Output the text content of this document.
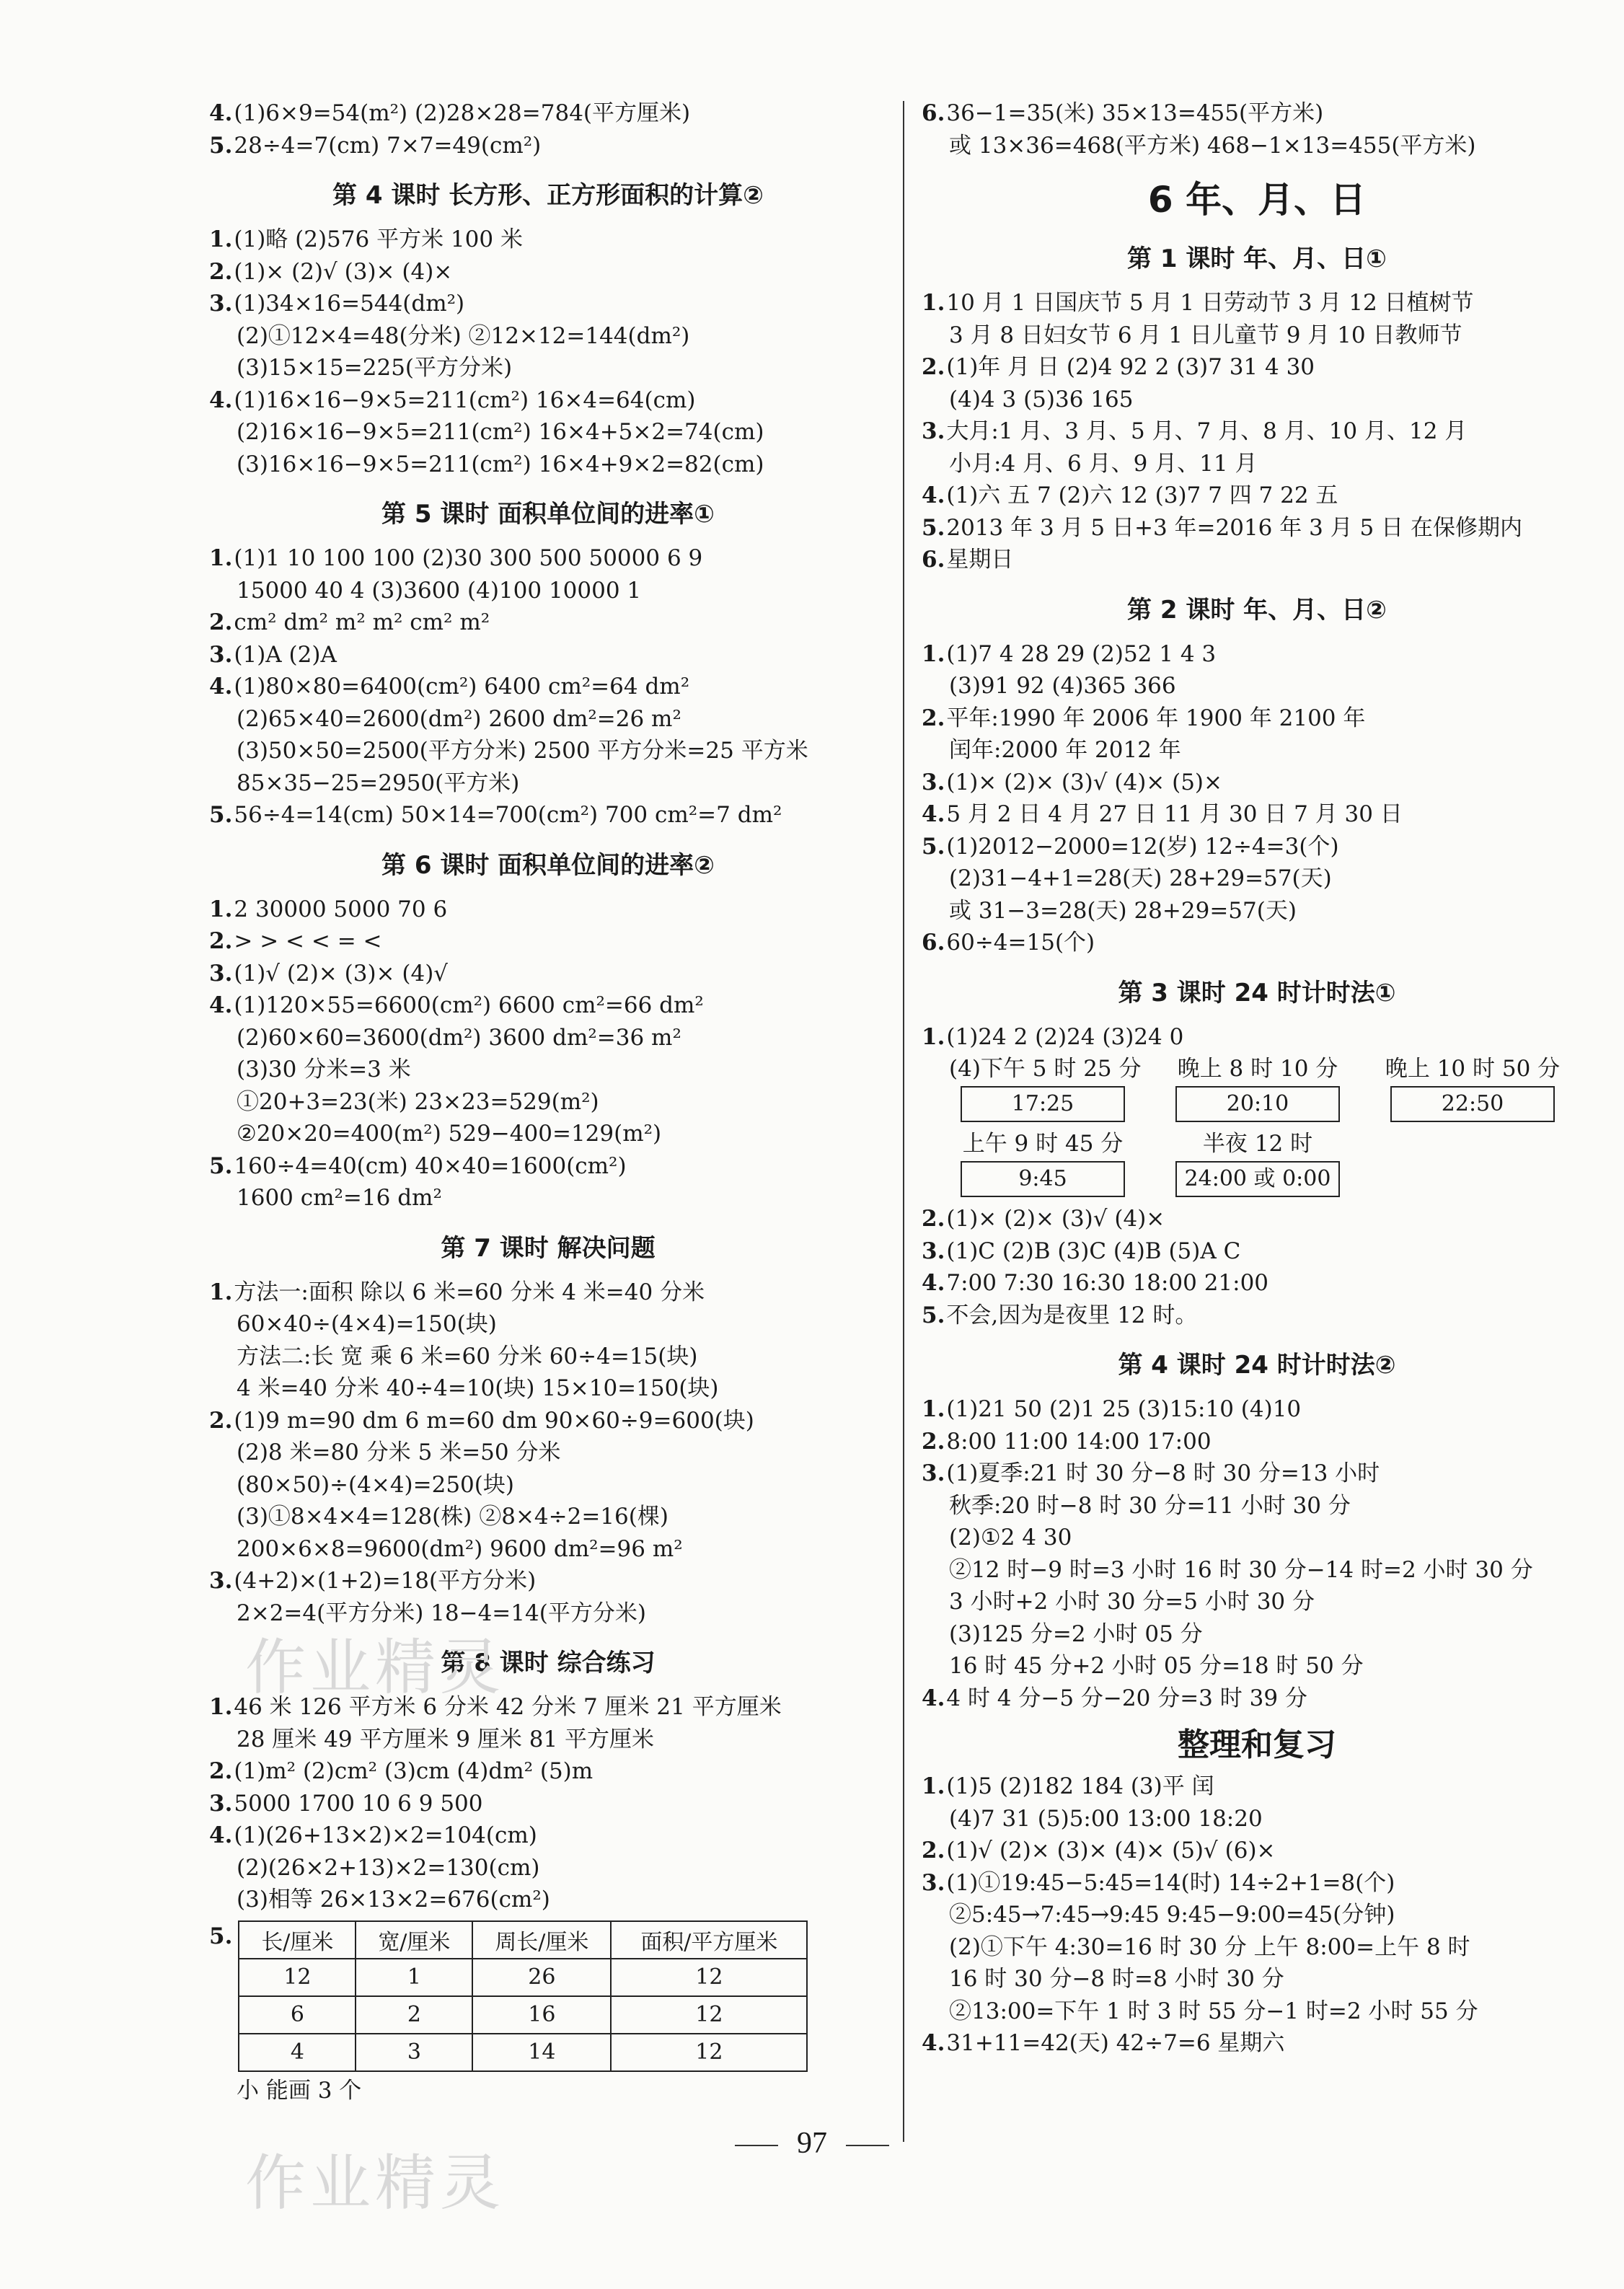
4.(1)6×9=54(m²) (2)28×28=784(平方厘米)
5.28÷4=7(cm) 7×7=49(cm²)
第 4 课时 长方形、正方形面积的计算②
1.(1)略 (2)576 平方米 100 米
2.(1)× (2)√ (3)× (4)×
3.(1)34×16=544(dm²)
(2)①12×4=48(分米) ②12×12=144(dm²)
(3)15×15=225(平方分米)
4.(1)16×16−9×5=211(cm²) 16×4=64(cm)
(2)16×16−9×5=211(cm²) 16×4+5×2=74(cm)
(3)16×16−9×5=211(cm²) 16×4+9×2=82(cm)
第 5 课时 面积单位间的进率①
1.(1)1 10 100 100 (2)30 300 500 50000 6 9
15000 40 4 (3)3600 (4)100 10000 1
2.cm² dm² m² m² cm² m²
3.(1)A (2)A
4.(1)80×80=6400(cm²) 6400 cm²=64 dm²
(2)65×40=2600(dm²) 2600 dm²=26 m²
(3)50×50=2500(平方分米) 2500 平方分米=25 平方米
85×35−25=2950(平方米)
5.56÷4=14(cm) 50×14=700(cm²) 700 cm²=7 dm²
第 6 课时 面积单位间的进率②
1.2 30000 5000 70 6
2.> > < < = <
3.(1)√ (2)× (3)× (4)√
4.(1)120×55=6600(cm²) 6600 cm²=66 dm²
(2)60×60=3600(dm²) 3600 dm²=36 m²
(3)30 分米=3 米
①20+3=23(米) 23×23=529(m²)
②20×20=400(m²) 529−400=129(m²)
5.160÷4=40(cm) 40×40=1600(cm²)
1600 cm²=16 dm²
第 7 课时 解决问题
1.方法一:面积 除以 6 米=60 分米 4 米=40 分米
60×40÷(4×4)=150(块)
方法二:长 宽 乘 6 米=60 分米 60÷4=15(块)
4 米=40 分米 40÷4=10(块) 15×10=150(块)
2.(1)9 m=90 dm 6 m=60 dm 90×60÷9=600(块)
(2)8 米=80 分米 5 米=50 分米
(80×50)÷(4×4)=250(块)
(3)①8×4×4=128(株) ②8×4÷2=16(棵)
200×6×8=9600(dm²) 9600 dm²=96 m²
3.(4+2)×(1+2)=18(平方分米)
2×2=4(平方分米) 18−4=14(平方分米)
第 8 课时 综合练习
1.46 米 126 平方米 6 分米 42 分米 7 厘米 21 平方厘米
28 厘米 49 平方厘米 9 厘米 81 平方厘米
2.(1)m² (2)cm² (3)cm (4)dm² (5)m
3.5000 1700 10 6 9 500
4.(1)(26+13×2)×2=104(cm)
(2)(26×2+13)×2=130(cm)
(3)相等 26×13×2=676(cm²)
5. 长/厘米	宽/厘米	周长/厘米	面积/平方厘米
12	1	26	12
6	2	16	12
4	3	14	12
小 能画 3 个
6.36−1=35(米) 35×13=455(平方米)
或 13×36=468(平方米) 468−1×13=455(平方米)
6 年、月、日
第 1 课时 年、月、日①
1.10 月 1 日国庆节 5 月 1 日劳动节 3 月 12 日植树节
3 月 8 日妇女节 6 月 1 日儿童节 9 月 10 日教师节
2.(1)年 月 日 (2)4 92 2 (3)7 31 4 30
(4)4 3 (5)36 165
3.大月:1 月、3 月、5 月、7 月、8 月、10 月、12 月
小月:4 月、6 月、9 月、11 月
4.(1)六 五 7 (2)六 12 (3)7 7 四 7 22 五
5.2013 年 3 月 5 日+3 年=2016 年 3 月 5 日 在保修期内
6.星期日
第 2 课时 年、月、日②
1.(1)7 4 28 29 (2)52 1 4 3
(3)91 92 (4)365 366
2.平年:1990 年 2006 年 1900 年 2100 年
闰年:2000 年 2012 年
3.(1)× (2)× (3)√ (4)× (5)×
4.5 月 2 日 4 月 27 日 11 月 30 日 7 月 30 日
5.(1)2012−2000=12(岁) 12÷4=3(个)
(2)31−4+1=28(天) 28+29=57(天)
或 31−3=28(天) 28+29=57(天)
6.60÷4=15(个)
第 3 课时 24 时计时法①
1.(1)24 2 (2)24 (3)24 0
(4)下午 5 时 25 分	晚上 8 时 10 分	晚上 10 时 50 分
17:25	20:10	22:50
上午 9 时 45 分	半夜 12 时
9:45	24:00 或 0:00
2.(1)× (2)× (3)√ (4)×
3.(1)C (2)B (3)C (4)B (5)A C
4.7:00 7:30 16:30 18:00 21:00
5.不会,因为是夜里 12 时。
第 4 课时 24 时计时法②
1.(1)21 50 (2)1 25 (3)15:10 (4)10
2.8:00 11:00 14:00 17:00
3.(1)夏季:21 时 30 分−8 时 30 分=13 小时
秋季:20 时−8 时 30 分=11 小时 30 分
(2)①2 4 30
②12 时−9 时=3 小时 16 时 30 分−14 时=2 小时 30 分
3 小时+2 小时 30 分=5 小时 30 分
(3)125 分=2 小时 05 分
16 时 45 分+2 小时 05 分=18 时 50 分
4.4 时 4 分−5 分−20 分=3 时 39 分
整理和复习
1.(1)5 (2)182 184 (3)平 闰
(4)7 31 (5)5:00 13:00 18:20
2.(1)√ (2)× (3)× (4)× (5)√ (6)×
3.(1)①19:45−5:45=14(时) 14÷2+1=8(个)
②5:45→7:45→9:45 9:45−9:00=45(分钟)
(2)①下午 4:30=16 时 30 分 上午 8:00=上午 8 时
16 时 30 分−8 时=8 小时 30 分
②13:00=下午 1 时 3 时 55 分−1 时=2 小时 55 分
4.31+11=42(天) 42÷7=6 星期六
作业精灵
作业精灵
97
